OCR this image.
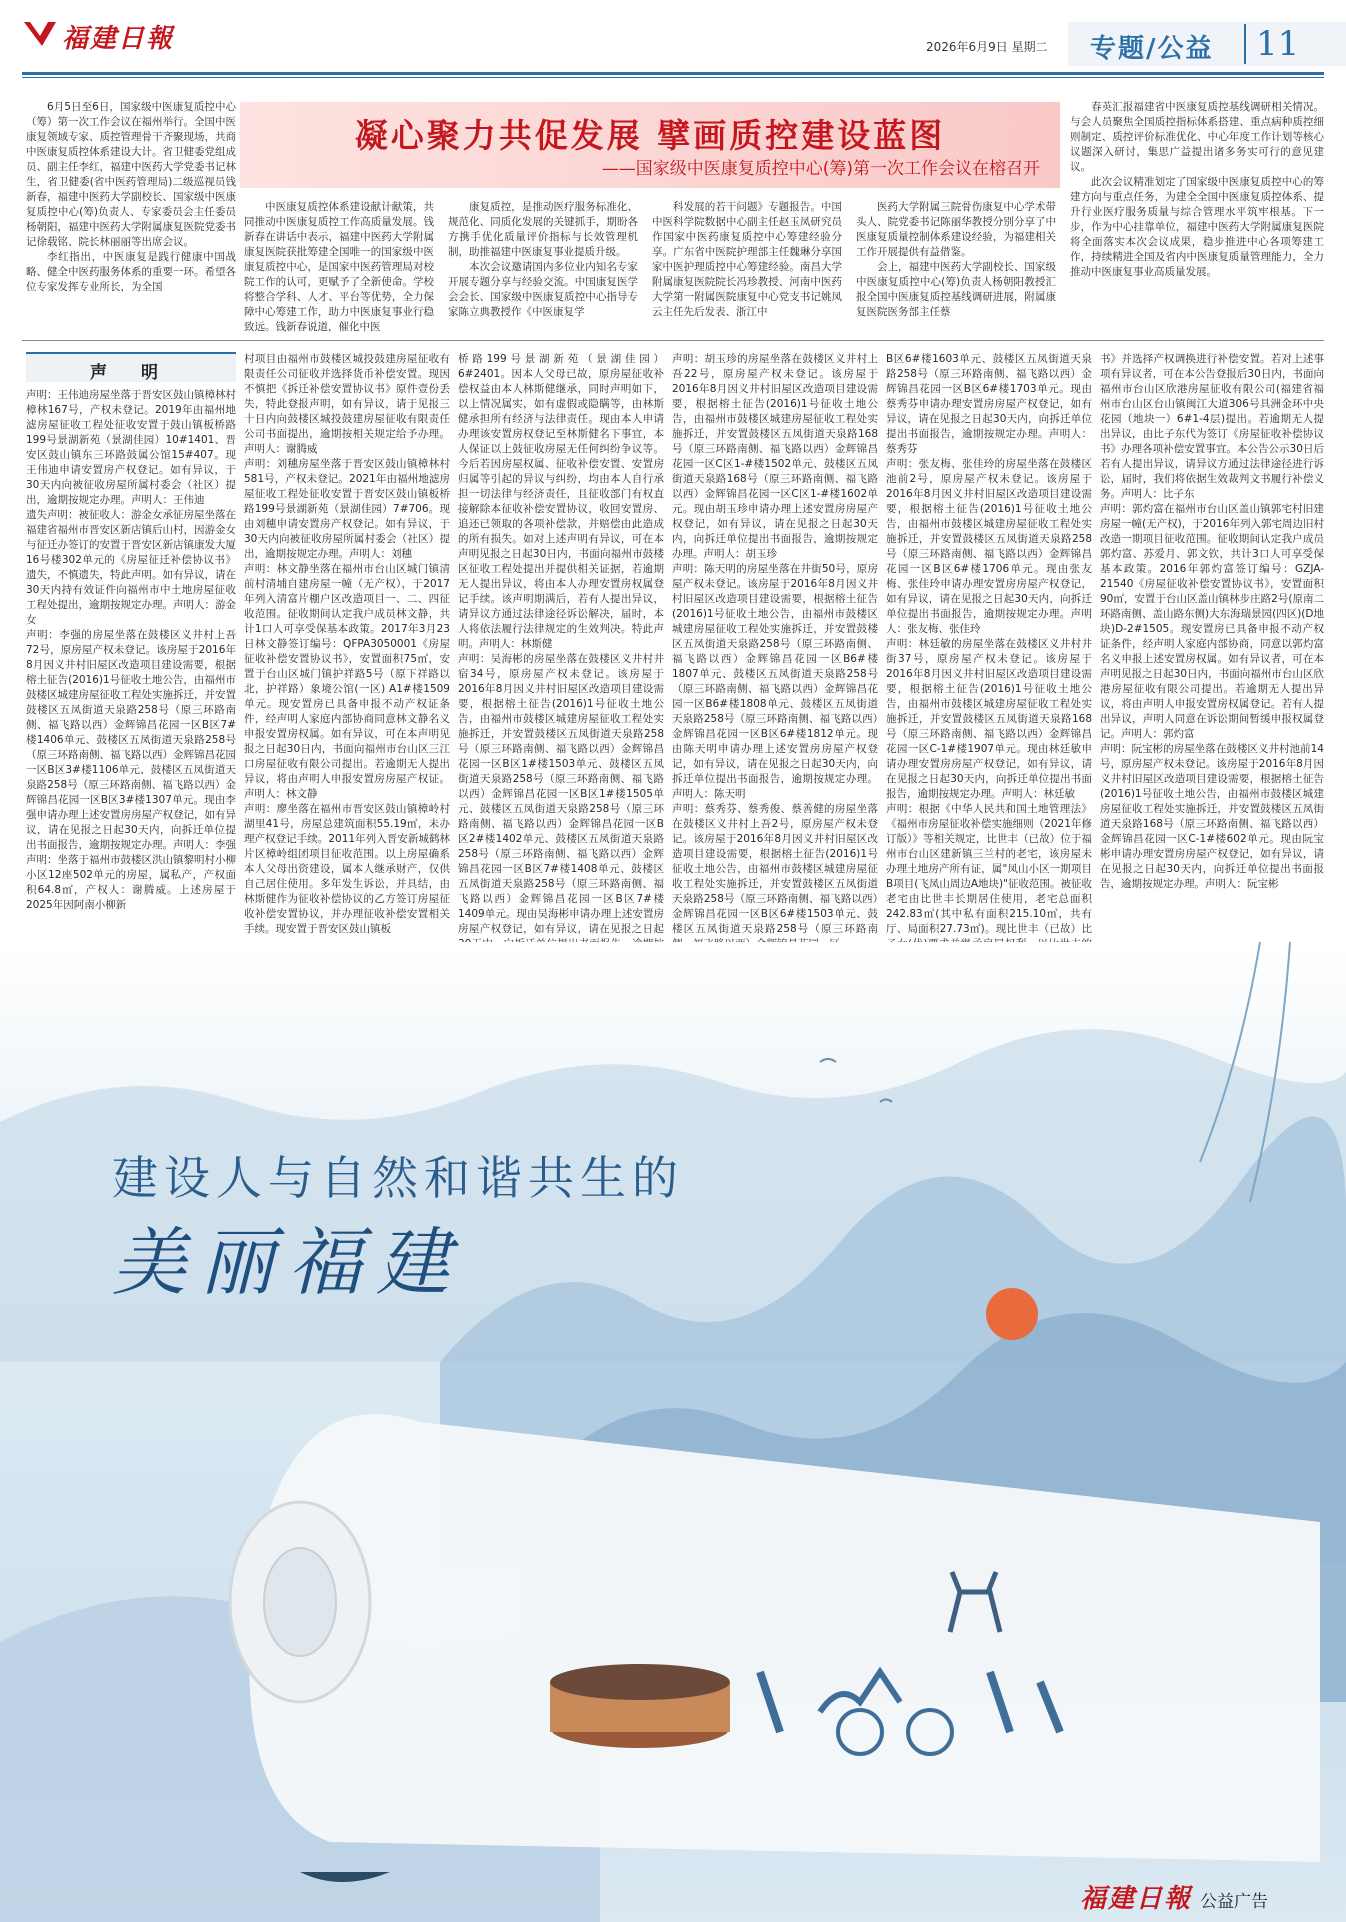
福建日報	2026年6月9日 星期二 专题/公益	11

6月5日至6日，国家级中医康复质控中心（筹）第一次工作会议在福州举行。全国中医康复领域专家、质控管理骨干齐聚现场，共商中医康复质控体系建设大计。省卫健委党组成员、副主任李红，福建中医药大学党委书记林生，省卫健委(省中医药管理局)二级巡视员钱新春，福建中医药大学副校长、国家级中医康复质控中心(筹)负责人、专家委员会主任委员杨朝阳，福建中医药大学附属康复医院党委书记徐载铭、院长林丽丽等出席会议。

李红指出，中医康复是践行健康中国战略、健全中医药服务体系的重要一环。希望各位专家发挥专业所长，为全国

凝心聚力共促发展 擘画质控建设蓝图
——国家级中医康复质控中心(筹)第一次工作会议在榕召开

中医康复质控体系建设献计献策，共同推动中医康复质控工作高质量发展。钱新春在讲话中表示，福建中医药大学附属康复医院获批筹建全国唯一的国家级中医康复质控中心，是国家中医药管理局对校院工作的认可，更赋予了全新使命。学校将整合学科、人才、平台等优势，全力保障中心筹建工作，助力中医康复事业行稳致远。钱新春说道，催化中医

康复质控，是推动医疗服务标准化、规范化、同质化发展的关键抓手，期盼各方携手优化质量评价指标与长效管理机制，助推福建中医康复事业提质升级。

本次会议邀请国内多位业内知名专家开展专题分享与经验交流。中国康复医学会会长、国家级中医康复质控中心指导专家陈立典教授作《中医康复学

科发展的若干问题》专题报告。中国中医科学院数据中心副主任赵玉凤研究员作国家中医药康复质控中心筹建经验分享。广东省中医院护理部主任魏琳分享国家中医护理质控中心筹建经验。南昌大学附属康复医院院长冯珍教授、河南中医药大学第一附属医院康复中心党支书记姚凤云主任先后发表、浙江中

医药大学附属三院骨伤康复中心学术带头人、院党委书记陈丽华教授分别分享了中医康复质量控制体系建设经验，为福建相关工作开展提供有益借鉴。

会上，福建中医药大学副校长、国家级中医康复质控中心(筹)负责人杨朝阳教授汇报全国中医康复质控基线调研进展，附属康复医院医务部主任蔡

春英汇报福建省中医康复质控基线调研相关情况。与会人员聚焦全国质控指标体系搭建、重点病种质控细则制定、质控评价标准优化、中心年度工作计划等核心议题深入研讨，集思广益提出诸多务实可行的意见建议。

此次会议精准划定了国家级中医康复质控中心的筹建方向与重点任务，为建全全国中医康复质控体系、提升行业医疗服务质量与综合管理水平筑牢根基。下一步，作为中心挂靠单位，福建中医药大学附属康复医院将全面落实本次会议成果，稳步推进中心各项筹建工作，持续精进全国及省内中医康复质量管理能力，全力推动中医康复事业高质量发展。

声 明
声明：王伟迪房屋坐落于晋安区鼓山镇樟林村樟林167号，产权未登记。2019年由福州地滤房屋征收工程处征收安置于鼓山镇板桥路199号景湖新苑（景湖佳园）10#1401、晋安区鼓山镇东三环路鼓属公馆15#407。现王伟迪申请安置房产权登记。如有异议，于30天内向被征收房屋所属村委会（社区）提出，逾期按规定办理。声明人：王伟迪
遗失声明：被征收人：游金女承征房屋坐落在福建省福州市晋安区新店镇后山村，因游金女与征迁办签订的安置于晋安区新店镇康发大厦16号楼302单元的《房屋征迁补偿协议书》遗失，不慎遗失，特此声明。如有异议，请在30天内持有效证件向福州市中土地房屋征收工程处提出，逾期按规定办理。声明人：游金女
声明：李强的房屋坐落在鼓楼区义井村上吾72号，原房屋产权未登记。该房屋于2016年8月因义井村旧屋区改造项目建设需要，根据榕土征告(2016)1号征收土地公告，由福州市鼓楼区城建房屋征收工程处实施拆迁，并安置鼓楼区五凤街道天泉路258号（原三环路南侧、福飞路以西）金辉锦昌花园一区B区7#楼1406单元、鼓楼区五凤街道天泉路258号（原三环路南侧、福飞路以西）金辉锦昌花园一区B区3#楼1106单元、鼓楼区五凤街道天泉路258号（原三环路南侧、福飞路以西）金辉锦昌花园一区B区3#楼1307单元。现由李强申请办理上述安置房房屋产权登记，如有异议，请在见报之日起30天内，向拆迁单位提出书面报告，逾期按规定办理。声明人：李强
声明：坐落于福州市鼓楼区洪山镇黎明村小柳小区12座502单元的房屋，属私产，产权面积64.8㎡，产权人：谢腾威。上述房屋于2025年因阿南小柳新
村项目由福州市鼓楼区城投鼓建房屋征收有限责任公司征收并选择货币补偿安置。现因不慎把《拆迁补偿安置协议书》原件壹份丢失，特此登报声明，如有异议，请于见报三十日内向鼓楼区城投鼓建房屋征收有限责任公司书面提出，逾期按相关规定给予办理。声明人：谢腾威
声明：刘穗房屋坐落于晋安区鼓山镇樟林村581号，产权未登记。2021年由福州地滤房屋征收工程处征收安置于晋安区鼓山镇板桥路199号景湖新苑（景湖佳园）7#706。现由刘穗申请安置房产权登记。如有异议，于30天内向被征收房屋所属村委会（社区）提出，逾期按规定办理。声明人：刘穗
声明：林文静坐落在福州市台山区城门镇清前村清埔自建房屋一幢（无产权），于2017年列入清富片棚户区改造项目一、二、四征收范围。征收期间认定我户成员林文静，共计1口人可享受保基本政策。2017年3月23日林文静签订编号：QFPA3050001《房屋征收补偿安置协议书》，安置面积75㎡，安置于台山区城门镇护祥路5号（原下祥路以北，护祥路）象境公馆(一区) A1#楼1509单元。现安置房已具备申报不动产权证条件，经声明人家庭内部协商同意林文静名义申报安置房权属。如有异议，可在本声明见报之日起30日内，书面向福州市台山区三江口房屋征收有限公司提出。若逾期无人提出异议，将由声明人申报安置房房屋产权证。声明人：林文静
声明：廖坐落在福州市晋安区鼓山镇樟岭村湖里41号，房屋总建筑面积55.19㎡，未办理产权登记手续。2011年列入晋安新城鹤林片区樟岭组团项目征收范围。以上房屋确系本人父母出资建设，属本人继承财产，仅供自己居住使用。多年发生诉讼，并具结，由林斯健作为征收补偿协议的乙方签订房屋征收补偿安置协议，并办理征收补偿安置相关手续。现安置于晋安区鼓山镇板
桥路199号景湖新苑（景湖佳园）6#2401。因本人父母已故，原房屋征收补偿权益由本人林斯健继承，同时声明如下，以上情况属实，如有虚假或隐瞒等，由林斯健承担所有经济与法律责任。现由本人申请办理该安置房权登记至林斯健名下事宜，本人保证以上鼓征收房屋无任何纠纷争议等。今后若因房屋权属、征收补偿安置、安置房归属等引起的异议与纠纷，均由本人自行承担一切法律与经济责任，且征收部门有权直接解除本征收补偿安置协议，收回安置房、追还已领取的各项补偿款，并赔偿由此造成的所有损失。如对上述声明有异议，可在本声明见报之日起30日内，书面向福州市鼓楼区征收工程处提出并提供相关证据，若逾期无人提出异议，将由本人办理安置房权属登记手续。该声明期满后，若有人提出异议，请异议方通过法律途径诉讼解决，届时，本人将依法履行法律规定的生效判决。特此声明。声明人：林斯健
声明：吴海彬的房屋坐落在鼓楼区义井村井宿34号，原房屋产权未登记。该房屋于2016年8月因义井村旧屋区改造项目建设需要，根据榕土征告(2016)1号征收土地公告，由福州市鼓楼区城建房屋征收工程处实施拆迁，并安置鼓楼区五凤街道天泉路258号（原三环路南侧、福飞路以西）金辉锦昌花园一区B区1#楼1503单元、鼓楼区五凤街道天泉路258号（原三环路南侧、福飞路以西）金辉锦昌花园一区B区1#楼1505单元、鼓楼区五凤街道天泉路258号（原三环路南侧、福飞路以西）金辉锦昌花园一区B区2#楼1402单元、鼓楼区五凤街道天泉路258号（原三环路南侧、福飞路以西）金辉锦昌花园一区B区7#楼1408单元、鼓楼区五凤街道天泉路258号（原三环路南侧、福飞路以西）金辉锦昌花园一区B区7#楼1409单元。现由吴海彬申请办理上述安置房房屋产权登记，如有异议，请在见报之日起
声明：胡玉珍的房屋坐落在鼓楼区义井村上吾22号，原房屋产权未登记。该房屋于2016年8月因义井村旧屋区改造项目建设需要，根据榕土征告(2016)1号征收土地公告，由福州市鼓楼区城建房屋征收工程处实施拆迁，并安置鼓楼区五凤街道天泉路168号（原三环路南侧、福飞路以西）金辉锦昌花园一区C区1-#楼1502单元、鼓楼区五凤街道天泉路168号（原三环路南侧、福飞路以西）金辉锦昌花园一区C区1-#楼1602单元。现由胡玉珍申请办理上述安置房房屋产权登记，如有异议，请在见报之日起30天内，向拆迁单位提出书面报告，逾期按规定办理。声明人：胡玉珍
声明：陈天明的房屋坐落在井街50号，原房屋产权未登记。该房屋于2016年8月因义井村旧屋区改造项目建设需要，根据榕土征告(2016)1号征收土地公告，由福州市鼓楼区城建房屋征收工程处实施拆迁，并安置鼓楼区五凤街道天泉路258号（原三环路南侧、福飞路以西）金辉锦昌花园一区B6#楼1807单元、鼓楼区五凤街道天泉路258号（原三环路南侧、福飞路以西）金辉锦昌花园一区B6#楼1808单元、鼓楼区五凤街道天泉路258号（原三环路南侧、福飞路以西）金辉锦昌花园一区B区6#楼1812单元。现由陈天明申请办理上述安置房房屋产权登记，如有异议，请在见报之日起30天内，向拆迁单位提出书面报告，逾期按规定办理。声明人：陈天明
声明：蔡秀芬、蔡秀俊、蔡善健的房屋坐落在鼓楼区义井村上吾2号，原房屋产权未登记。该房屋于2016年8月因义井村旧屋区改造项目建设需要，根据榕土征告(2016)1号征收土地公告，由福州市鼓楼区城建房屋征收工程处实施拆迁，并安置鼓楼区五凤街道天泉路258号（原三环路南侧、福飞路以西）金辉锦昌花园一区B区6#楼1503单元、鼓楼区五凤街道天泉路258号（原三环路南
B区6#楼1603单元、鼓楼区五凤街道天泉路258号（原三环路南侧、福飞路以西）金辉锦昌花园一区B区6#楼1703单元。现由蔡秀芬申请办理安置房房屋产权登记，如有异议，请在见报之日起30天内，向拆迁单位提出书面报告，逾期按规定办理。声明人：蔡秀芬
声明：张友梅、张佳玲的房屋坐落在鼓楼区池前2号，原房屋产权未登记。该房屋于2016年8月因义井村旧屋区改造项目建设需要，根据榕土征告(2016)1号征收土地公告，由福州市鼓楼区城建房屋征收工程处实施拆迁，并安置鼓楼区五凤街道天泉路258号（原三环路南侧、福飞路以西）金辉锦昌花园一区B区6#楼1706单元。现由张友梅、张佳玲申请办理安置房房屋产权登记，如有异议，请在见报之日起30天内，向拆迁单位提出书面报告，逾期按规定办理。声明人：张友梅、张佳玲
声明：林廷敏的房屋坐落在鼓楼区义井村井街37号，原房屋产权未登记。该房屋于2016年8月因义井村旧屋区改造项目建设需要，根据榕土征告(2016)1号征收土地公告，由福州市鼓楼区城建房屋征收工程处实施拆迁，并安置鼓楼区五凤街道天泉路168号（原三环路南侧、福飞路以西）金辉锦昌花园一区C-1#楼1907单元。现由林廷敏申请办理安置房房屋产权登记，如有异议，请在见报之日起30天内，向拆迁单位提出书面报告，逾期按规定办理。声明人：林廷敏
声明：根据《中华人民共和国土地管理法》《福州市房屋征收补偿实施细则（2021年修订版）》等相关规定，比世丰（已故）位于福州市台山区建新镇三兰村的老宅，该房屋未办理土地房产所有证，属"凤山小区一期项目B项目(飞凤山周边A地块)"征收范围。被征收老宅由比世丰长期居住使用，老宅总面积242.83㎡(其中私有面积215.10㎡，共有厅、局面积27.73㎡)。现比世丰（已故）比
书》并选择产权调换进行补偿安置。若对上述事项有异议者，可在本公告登报后30日内，书面向福州市台山区欣港房屋征收有限公司(福建省福州市台山区台山镇闽江大道306号具洲金环中央花园（地块一）6#1-4层)提出。若逾期无人提出异议，由比子东代为签订《房屋征收补偿协议书》办理各项补偿安置事宜。本公告公示30日后若有人提出异议，请异议方通过法律途径进行诉讼，届时，我们将依据生效裁判文书履行补偿义务。声明人：比子东
声明：郭灼富在福州市台山区盖山镇郭宅村旧建房屋一幢(无产权)，于2016年列入郭宅周边旧村改造一期项目征收范围。征收期间认定我户成员郭灼富、苏爱月、郭文钦，共计3口人可享受保基本政策。2016年郭灼富签订编号：GZJA-21540《房屋征收补偿安置协议书》，安置面积90㎡，安置于台山区盖山镇林步庄路2号(原南二环路南侧、盖山路东侧)大东海瑞景园(四区)(D地块)D-2#1505。现安置房已具备申报不动产权证条件，经声明人家庭内部协商，同意以郭灼富名义申报上述安置房权属。如有异议者，可在本声明见报之日起30日内，书面向福州市台山区欣港房屋征收有限公司提出。若逾期无人提出异议，将由声明人申报安置房权属登记。若有人提出异议，声明人同意在诉讼期间暂缓申报权属登记。声明人：郭灼富
声明：阮宝彬的房屋坐落在鼓楼区义井村池前14号，原房屋产权未登记。该房屋于2016年8月因义井村旧屋区改造项目建设需要，根据榕土征告(2016)1号征收土地公告，由福州市鼓楼区城建房屋征收工程处实施拆迁，并安置鼓楼区五凤街道天泉路168号（原三环路南侧、福飞路以西）金辉锦昌花园一区C-1#楼602单元。现由阮宝彬申请办理安置房房屋产权登记，如有异议，请在见报之日起30天内，向拆迁单位提出书面报告，逾期按规定办理。声明人：阮宝彬
建设人与自然和谐共生的
美丽福建
福建日報 公益广告
